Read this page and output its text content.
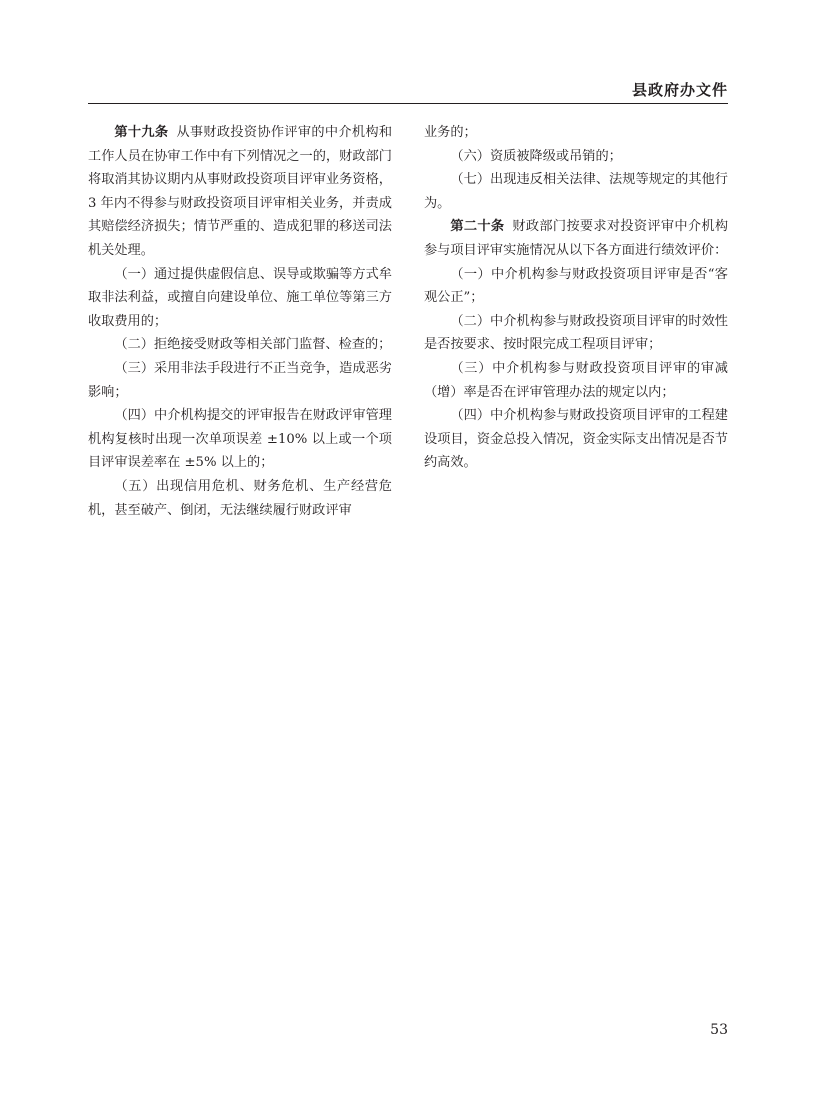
县政府办文件

第十九条 从事财政投资协作评审的中介机构和工作人员在协审工作中有下列情况之一的，财政部门将取消其协议期内从事财政投资项目评审业务资格，3 年内不得参与财政投资项目评审相关业务，并责成其赔偿经济损失；情节严重的、造成犯罪的移送司法机关处理。

（一）通过提供虚假信息、误导或欺骗等方式牟取非法利益，或擅自向建设单位、施工单位等第三方收取费用的；

（二）拒绝接受财政等相关部门监督、检查的；

（三）采用非法手段进行不正当竞争，造成恶劣影响；

（四）中介机构提交的评审报告在财政评审管理机构复核时出现一次单项误差 ±10% 以上或一个项目评审误差率在 ±5% 以上的；

（五）出现信用危机、财务危机、生产经营危机，甚至破产、倒闭，无法继续履行财政评审

业务的；

（六）资质被降级或吊销的；

（七）出现违反相关法律、法规等规定的其他行为。

第二十条 财政部门按要求对投资评审中介机构参与项目评审实施情况从以下各方面进行绩效评价：

（一）中介机构参与财政投资项目评审是否“客观公正”；

（二）中介机构参与财政投资项目评审的时效性是否按要求、按时限完成工程项目评审；

（三）中介机构参与财政投资项目评审的审减（增）率是否在评审管理办法的规定以内；

（四）中介机构参与财政投资项目评审的工程建设项目，资金总投入情况，资金实际支出情况是否节约高效。

53
